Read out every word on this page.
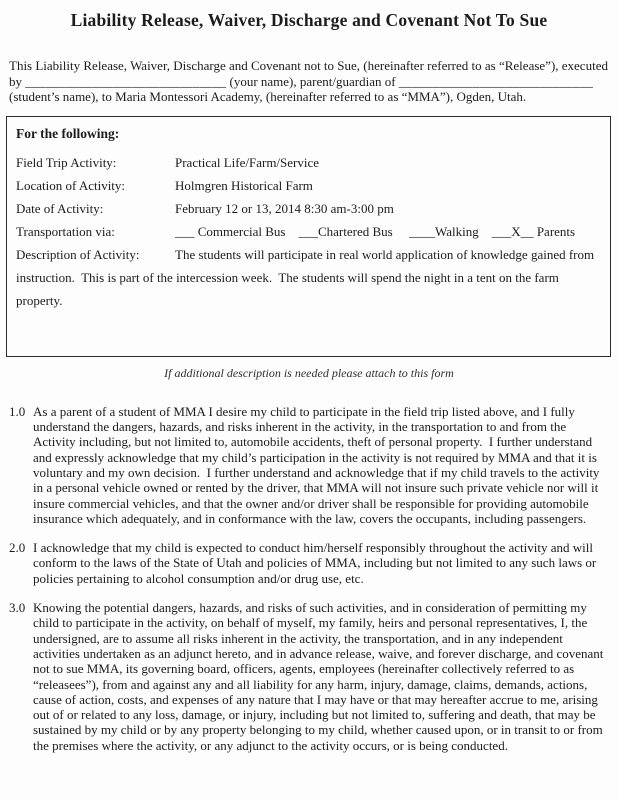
Liability Release, Waiver, Discharge and Covenant Not To Sue

This Liability Release, Waiver, Discharge and Covenant not to Sue, (hereinafter referred to as “Release”), executed by ______________________________ (your name), parent/guardian of _____________________________ (student’s name), to Maria Montessori Academy, (hereinafter referred to as “MMA”), Ogden, Utah.

For the following:

Field Trip Activity:	Practical Life/Farm/Service

Location of Activity:	Holmgren Historical Farm

Date of Activity:	February 12 or 13, 2014 8:30 am-3:00 pm

Transportation via:	___ Commercial Bus    ___Chartered Bus     ____Walking    ___X__ Parents

Description of Activity:	The students will participate in real world application of knowledge gained from instruction.  This is part of the intercession week.  The students will spend the night in a tent on the farm property.

If additional description is needed please attach to this form

1.0 As a parent of a student of MMA I desire my child to participate in the field trip listed above, and I fully understand the dangers, hazards, and risks inherent in the activity, in the transportation to and from the Activity including, but not limited to, automobile accidents, theft of personal property.  I further understand and expressly acknowledge that my child’s participation in the activity is not required by MMA and that it is voluntary and my own decision.  I further understand and acknowledge that if my child travels to the activity in a personal vehicle owned or rented by the driver, that MMA will not insure such private vehicle nor will it insure commercial vehicles, and that the owner and/or driver shall be responsible for providing automobile insurance which adequately, and in conformance with the law, covers the occupants, including passengers.
2.0 I acknowledge that my child is expected to conduct him/herself responsibly throughout the activity and will conform to the laws of the State of Utah and policies of MMA, including but not limited to any such laws or policies pertaining to alcohol consumption and/or drug use, etc.
3.0 Knowing the potential dangers, hazards, and risks of such activities, and in consideration of permitting my child to participate in the activity, on behalf of myself, my family, heirs and personal representatives, I, the undersigned, are to assume all risks inherent in the activity, the transportation, and in any independent activities undertaken as an adjunct hereto, and in advance release, waive, and forever discharge, and covenant not to sue MMA, its governing board, officers, agents, employees (hereinafter collectively referred to as “releasees”), from and against any and all liability for any harm, injury, damage, claims, demands, actions, cause of action, costs, and expenses of any nature that I may have or that may hereafter accrue to me, arising out of or related to any loss, damage, or injury, including but not limited to, suffering and death, that may be sustained by my child or by any property belonging to my child, whether caused upon, or in transit to or from the premises where the activity, or any adjunct to the activity occurs, or is being conducted.
